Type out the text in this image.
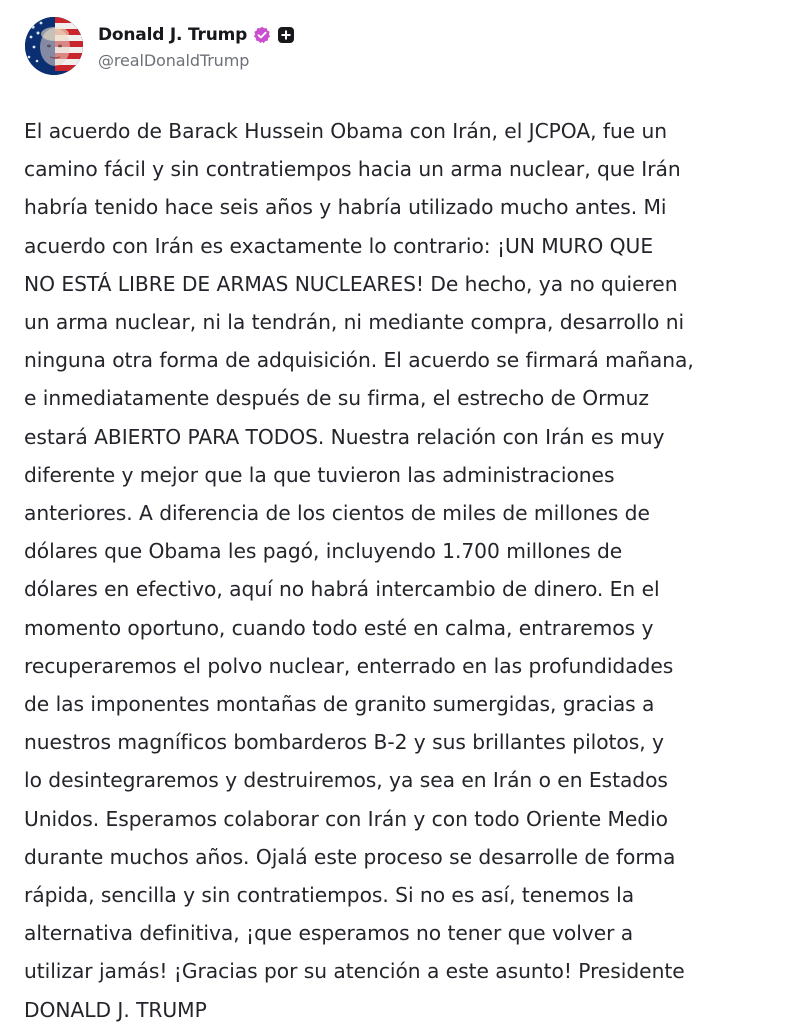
Donald J. Trump
@realDonaldTrump
El acuerdo de Barack Hussein Obama con Irán, el JCPOA, fue un
camino fácil y sin contratiempos hacia un arma nuclear, que Irán
habría tenido hace seis años y habría utilizado mucho antes. Mi
acuerdo con Irán es exactamente lo contrario: ¡UN MURO QUE
NO ESTÁ LIBRE DE ARMAS NUCLEARES! De hecho, ya no quieren
un arma nuclear, ni la tendrán, ni mediante compra, desarrollo ni
ninguna otra forma de adquisición. El acuerdo se firmará mañana,
e inmediatamente después de su firma, el estrecho de Ormuz
estará ABIERTO PARA TODOS. Nuestra relación con Irán es muy
diferente y mejor que la que tuvieron las administraciones
anteriores. A diferencia de los cientos de miles de millones de
dólares que Obama les pagó, incluyendo 1.700 millones de
dólares en efectivo, aquí no habrá intercambio de dinero. En el
momento oportuno, cuando todo esté en calma, entraremos y
recuperaremos el polvo nuclear, enterrado en las profundidades
de las imponentes montañas de granito sumergidas, gracias a
nuestros magníficos bombarderos B-2 y sus brillantes pilotos, y
lo desintegraremos y destruiremos, ya sea en Irán o en Estados
Unidos. Esperamos colaborar con Irán y con todo Oriente Medio
durante muchos años. Ojalá este proceso se desarrolle de forma
rápida, sencilla y sin contratiempos. Si no es así, tenemos la
alternativa definitiva, ¡que esperamos no tener que volver a
utilizar jamás! ¡Gracias por su atención a este asunto! Presidente
DONALD J. TRUMP
